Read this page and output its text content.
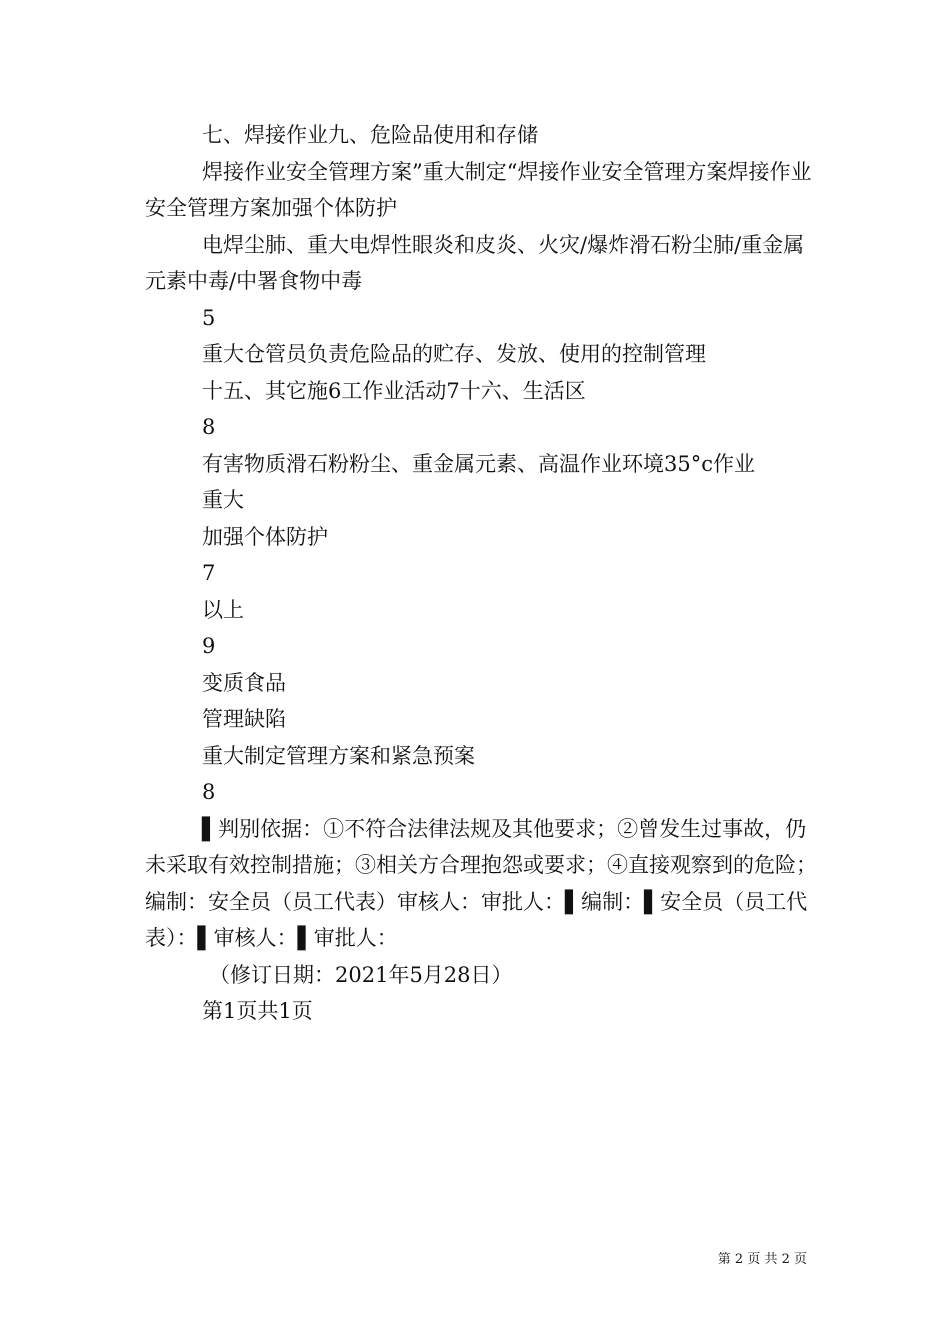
七、焊接作业九、危险品使用和存储

焊接作业安全管理方案”重大制定“焊接作业安全管理方案焊接作业安全管理方案加强个体防护

电焊尘肺、重大电焊性眼炎和皮炎、火灾/爆炸滑石粉尘肺/重金属元素中毒/中署食物中毒

5

重大仓管员负责危险品的贮存、发放、使用的控制管理

十五、其它施6工作业活动7十六、生活区

8

有害物质滑石粉粉尘、重金属元素、高温作业环境35°c作业

重大

加强个体防护

7

以上

9

变质食品

管理缺陷

重大制定管理方案和紧急预案

8

▌判别依据：①不符合法律法规及其他要求；②曾发生过事故，仍未采取有效控制措施；③相关方合理抱怨或要求；④直接观察到的危险；编制：安全员（员工代表）审核人：审批人：▌编制：▌安全员（员工代表）：▌审核人：▌审批人：

（修订日期：2021年5月28日）

第1页共1页

第 2 页 共 2 页
